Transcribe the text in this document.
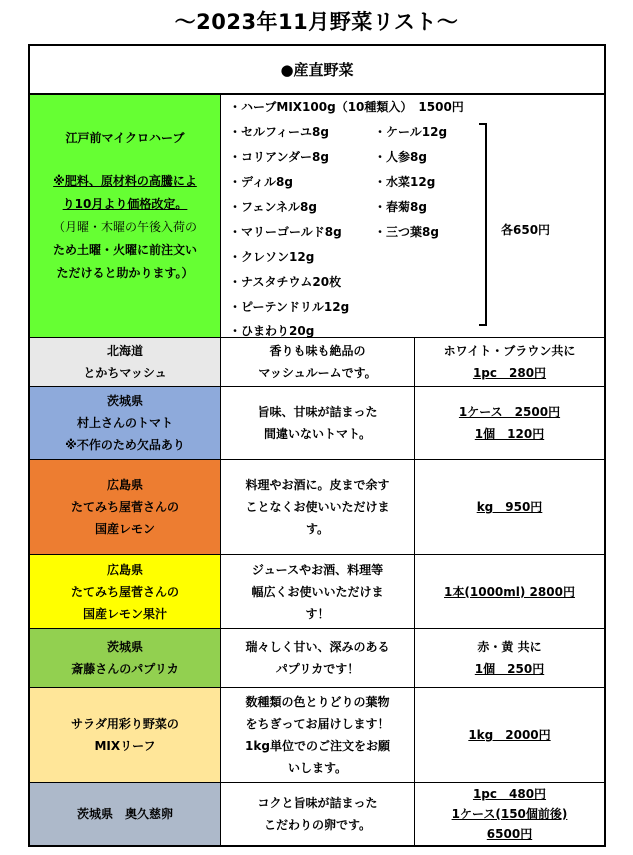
～2023年11月野菜リスト～
●産直野菜
江戸前マイクロハーブ
※肥料、原材料の高騰によ
り10月より価格改定。
（月曜・木曜の午後入荷の
ため土曜・火曜に前注文い
ただけると助かります。）
・ハーブMIX100g（10種類入）　1500円
・セルフィーユ8g
・コリアンダー8g
・ディル8g
・フェンネル8g
・マリーゴールド8g
・クレソン12g
・ナスタチウム20枚
・ピーテンドリル12g
・ひまわり20g
・ケール12g
・人参8g
・水菜12g
・春菊8g
・三つ葉8g	各650円
北海道
とかちマッシュ
香りも味も絶品の
マッシュルームです。
ホワイト・ブラウン共に
1pc　280円
茨城県
村上さんのトマト
※不作のため欠品あり
旨味、甘味が詰まった
間違いないトマト。
1ケース　2500円
1個　120円
広島県
たてみち屋菅さんの
国産レモン
料理やお酒に。皮まで余す
ことなくお使いいただけま
す。
kg　950円
広島県
たてみち屋菅さんの
国産レモン果汁
ジュースやお酒、料理等
幅広くお使いいただけま
す！
1本(1000ml) 2800円
茨城県
斎藤さんのパプリカ
瑞々しく甘い、深みのある
パプリカです！
赤・黄 共に
1個　250円
サラダ用彩り野菜の
MIXリーフ
数種類の色とりどりの葉物
をちぎってお届けします！
1kg単位でのご注文をお願
いします。
1kg　2000円
茨城県　奥久慈卵
コクと旨味が詰まった
こだわりの卵です。
1pc　480円
1ケース(150個前後)
6500円
